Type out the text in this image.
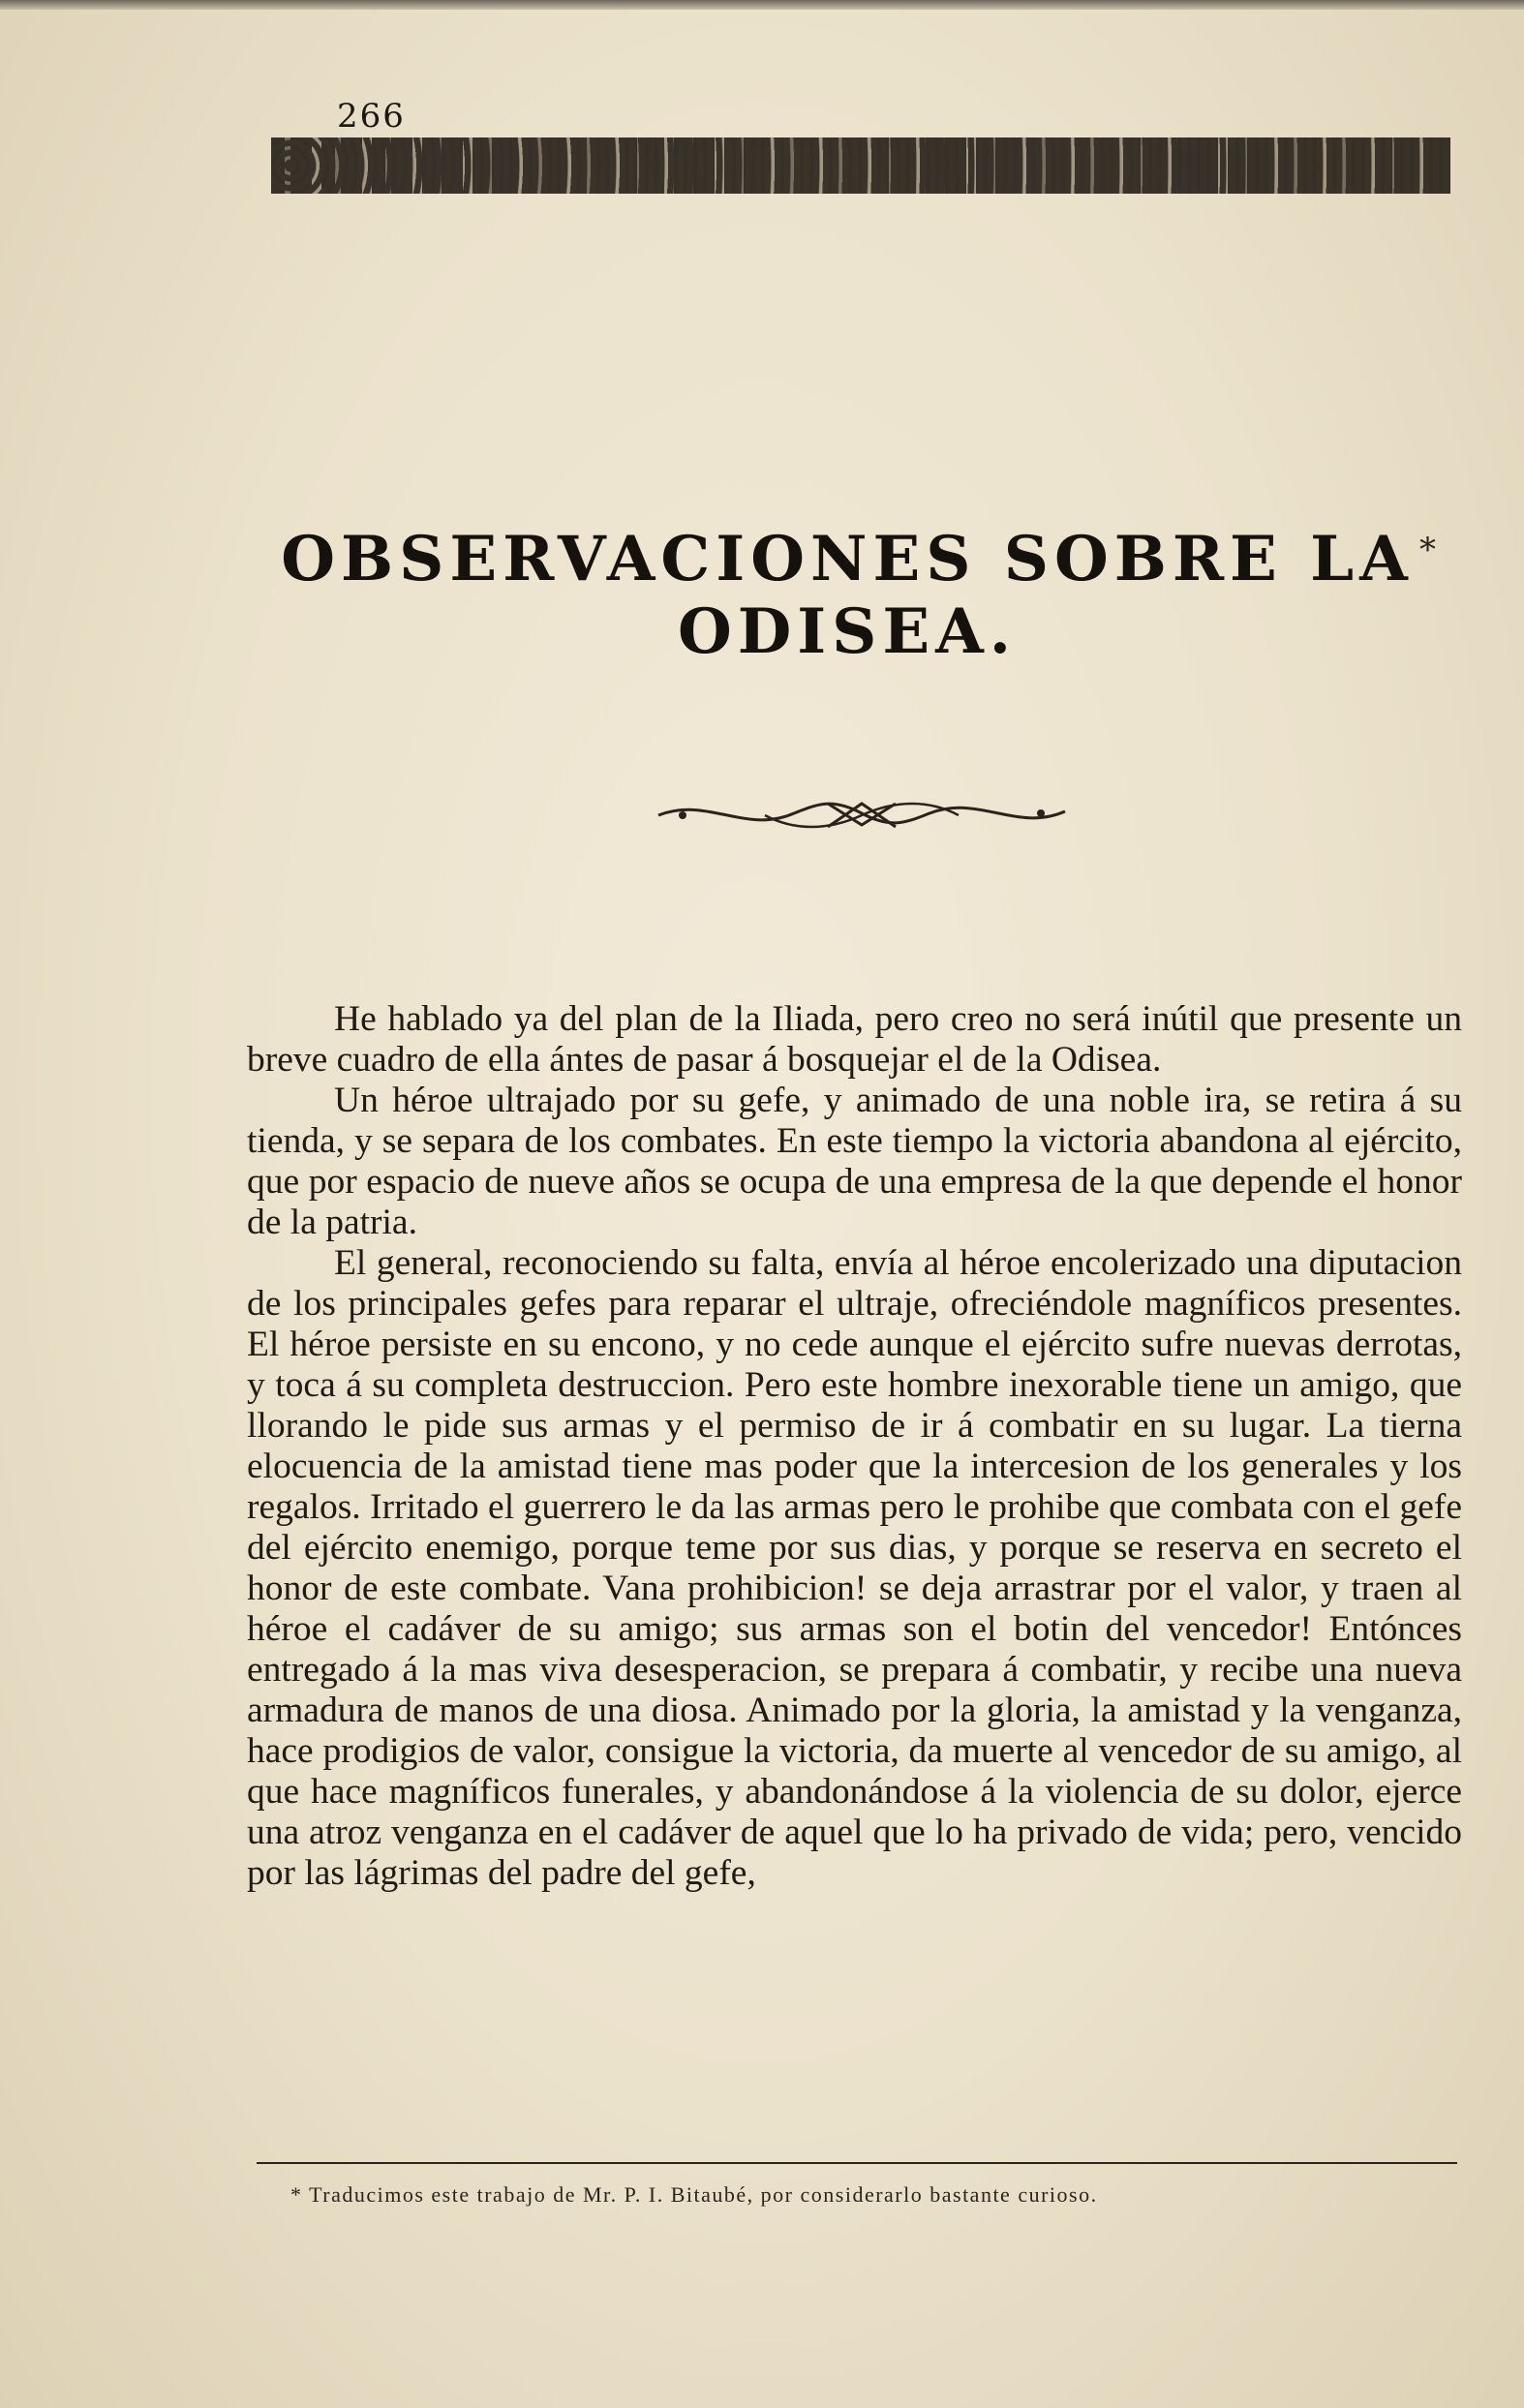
266
OBSERVACIONES SOBRE LA ODISEA.
*

He hablado ya del plan de la Iliada, pero creo no será inútil que presente un breve cuadro de ella ántes de pasar á bosquejar el de la Odisea.

Un héroe ultrajado por su gefe, y animado de una noble ira, se retira á su tienda, y se separa de los combates. En este tiempo la victoria abandona al ejército, que por espacio de nueve años se ocupa de una empresa de la que depende el honor de la patria.

El general, reconociendo su falta, envía al héroe encolerizado una diputacion de los principales gefes para reparar el ultraje, ofreciéndole magníficos presentes. El héroe persiste en su encono, y no cede aunque el ejército sufre nuevas derrotas, y toca á su completa destruccion. Pero este hombre inexorable tiene un amigo, que llorando le pide sus armas y el permiso de ir á combatir en su lugar. La tierna elocuencia de la amistad tiene mas poder que la intercesion de los generales y los regalos. Irritado el guerrero le da las armas pero le prohibe que combata con el gefe del ejército enemigo, porque teme por sus dias, y porque se reserva en secreto el honor de este combate. Vana prohibicion! se deja arrastrar por el valor, y traen al héroe el cadáver de su amigo; sus armas son el botin del vencedor! Entónces entregado á la mas viva desesperacion, se prepara á combatir, y recibe una nueva armadura de manos de una diosa. Animado por la gloria, la amistad y la venganza, hace prodigios de valor, consigue la victoria, da muerte al vencedor de su amigo, al que hace magníficos funerales, y abandonándose á la violencia de su dolor, ejerce una atroz venganza en el cadáver de aquel que lo ha privado de vida; pero, vencido por las lágrimas del padre del gefe,

* Traducimos este trabajo de Mr. P. I. Bitaubé, por considerarlo bastante curioso.
